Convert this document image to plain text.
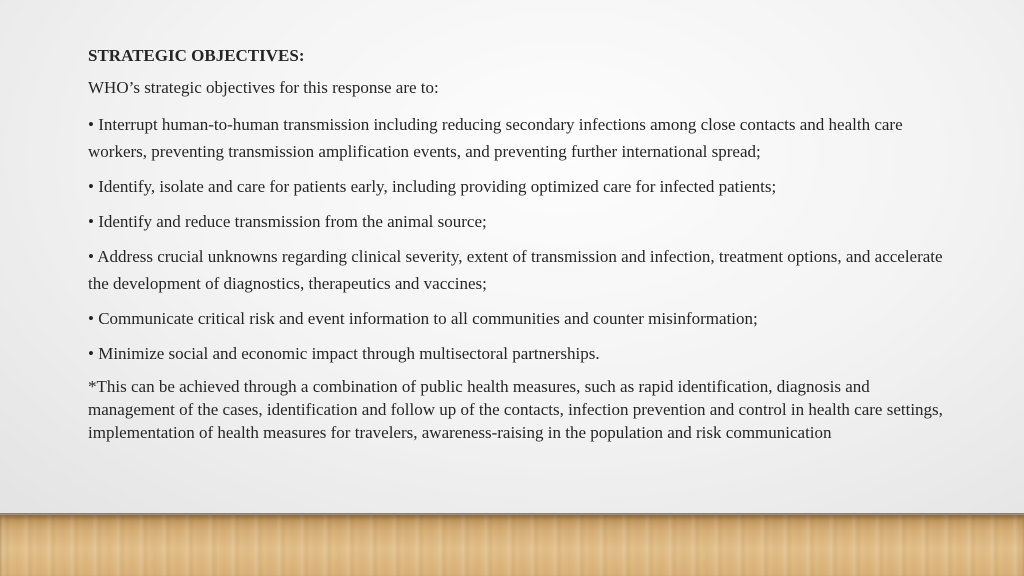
STRATEGIC OBJECTIVES:
WHO’s strategic objectives for this response are to:
• Interrupt human-to-human transmission including reducing secondary infections among close contacts and health care workers, preventing transmission amplification events, and preventing further international spread;
• Identify, isolate and care for patients early, including providing optimized care for infected patients;
• Identify and reduce transmission from the animal source;
• Address crucial unknowns regarding clinical severity, extent of transmission and infection, treatment options, and accelerate the development of diagnostics, therapeutics and vaccines;
• Communicate critical risk and event information to all communities and counter misinformation;
• Minimize social and economic impact through multisectoral partnerships.
*This can be achieved through a combination of public health measures, such as rapid identification, diagnosis and management of the cases, identification and follow up of the contacts, infection prevention and control in health care settings, implementation of health measures for travelers, awareness-raising in the population and risk communication
